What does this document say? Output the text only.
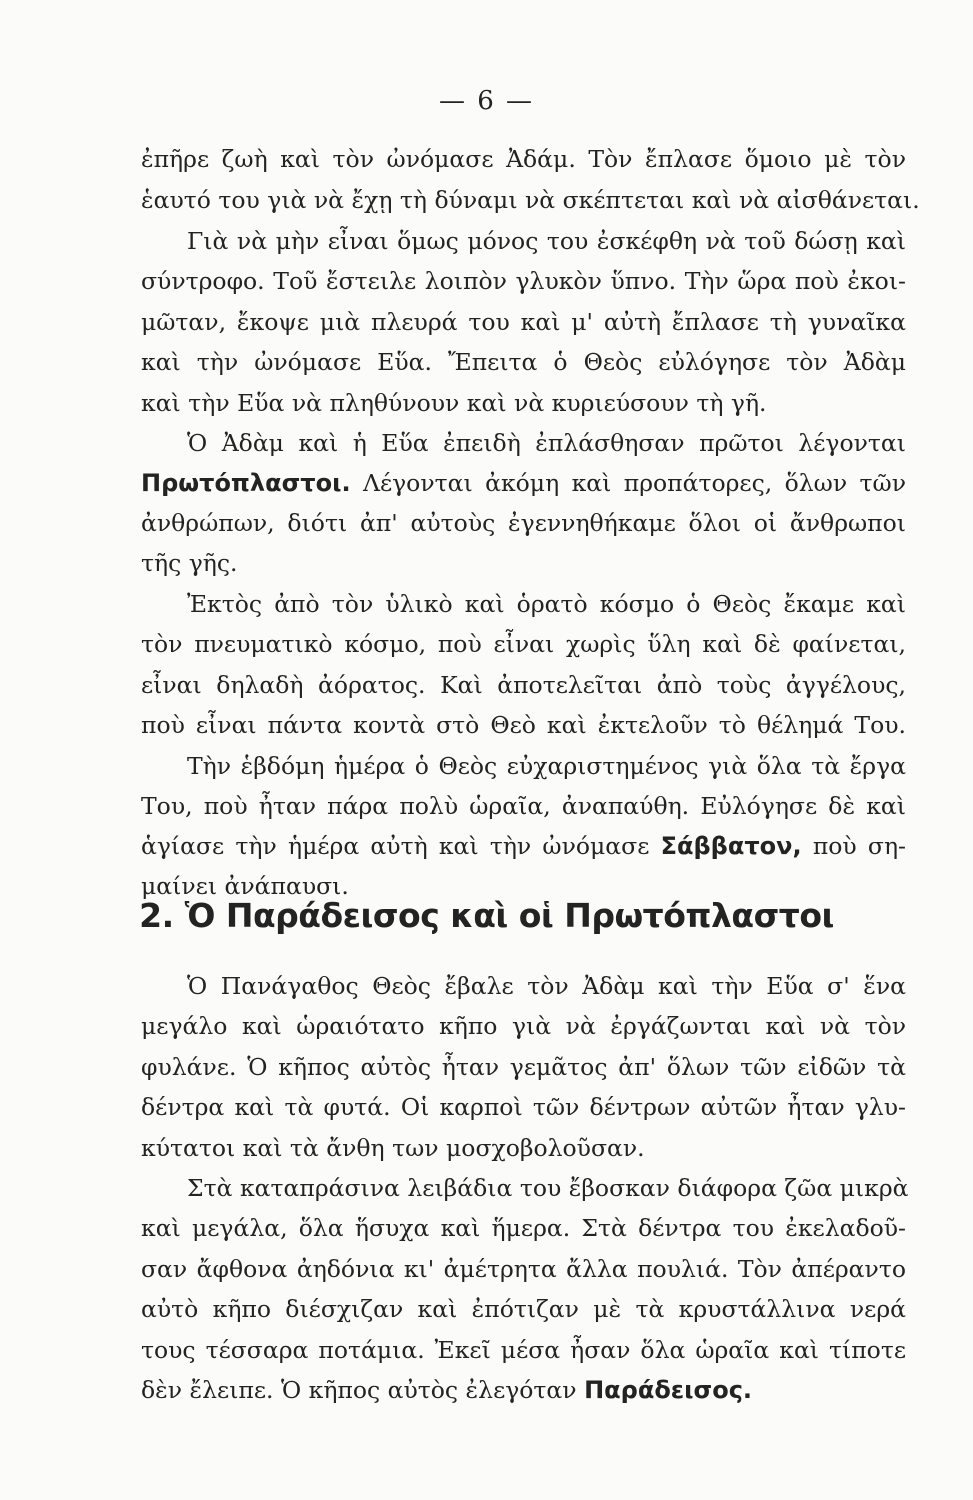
— 6 —
ἐπῆρε ζωὴ καὶ τὸν ὠνόμασε Ἀδάμ. Τὸν ἔπλασε ὅμοιο μὲ τὸν
ἑαυτό του γιὰ νὰ ἔχῃ τὴ δύναμι νὰ σκέπτεται καὶ νὰ αἰσθάνεται.
Γιὰ νὰ μὴν εἶναι ὅμως μόνος του ἐσκέφθη νὰ τοῦ δώσῃ καὶ
σύντροφο. Τοῦ ἔστειλε λοιπὸν γλυκὸν ὕπνο. Τὴν ὥρα ποὺ ἐκοι-
μῶταν, ἔκοψε μιὰ πλευρά του καὶ μ' αὐτὴ ἔπλασε τὴ γυναῖκα
καὶ τὴν ὠνόμασε Εὕα. Ἔπειτα ὁ Θεὸς εὐλόγησε τὸν Ἀδὰμ
καὶ τὴν Εὕα νὰ πληθύνουν καὶ νὰ κυριεύσουν τὴ γῆ.
Ὁ Ἀδὰμ καὶ ἡ Εὕα ἐπειδὴ ἐπλάσθησαν πρῶτοι λέγονται
Πρωτόπλαστοι. Λέγονται ἀκόμη καὶ προπάτορες, ὅλων τῶν
ἀνθρώπων, διότι ἀπ' αὐτοὺς ἐγεννηθήκαμε ὅλοι οἱ ἄνθρωποι
τῆς γῆς.
Ἐκτὸς ἀπὸ τὸν ὑλικὸ καὶ ὁρατὸ κόσμο ὁ Θεὸς ἔκαμε καὶ
τὸν πνευματικὸ κόσμο, ποὺ εἶναι χωρὶς ὕλη καὶ δὲ φαίνεται,
εἶναι δηλαδὴ ἀόρατος. Καὶ ἀποτελεῖται ἀπὸ τοὺς ἀγγέλους,
ποὺ εἶναι πάντα κοντὰ στὸ Θεὸ καὶ ἐκτελοῦν τὸ θέλημά Του.
Τὴν ἑβδόμη ἡμέρα ὁ Θεὸς εὐχαριστημένος γιὰ ὅλα τὰ ἔργα
Του, ποὺ ἦταν πάρα πολὺ ὡραῖα, ἀναπαύθη. Εὐλόγησε δὲ καὶ
ἁγίασε τὴν ἡμέρα αὐτὴ καὶ τὴν ὠνόμασε Σάββατον, ποὺ ση-
μαίνει ἀνάπαυσι.
2. Ὁ Παράδεισος καὶ οἱ Πρωτόπλαστοι
Ὁ Πανάγαθος Θεὸς ἔβαλε τὸν Ἀδὰμ καὶ τὴν Εὕα σ' ἕνα
μεγάλο καὶ ὡραιότατο κῆπο γιὰ νὰ ἐργάζωνται καὶ νὰ τὸν
φυλάνε. Ὁ κῆπος αὐτὸς ἦταν γεμᾶτος ἀπ' ὅλων τῶν εἰδῶν τὰ
δέντρα καὶ τὰ φυτά. Οἱ καρποὶ τῶν δέντρων αὐτῶν ἦταν γλυ-
κύτατοι καὶ τὰ ἄνθη των μοσχοβολοῦσαν.
Στὰ καταπράσινα λειβάδια του ἔβοσκαν διάφορα ζῶα μικρὰ
καὶ μεγάλα, ὅλα ἥσυχα καὶ ἥμερα. Στὰ δέντρα του ἐκελαδοῦ-
σαν ἄφθονα ἀηδόνια κι' ἀμέτρητα ἄλλα πουλιά. Τὸν ἀπέραντο
αὐτὸ κῆπο διέσχιζαν καὶ ἐπότιζαν μὲ τὰ κρυστάλλινα νερά
τους τέσσαρα ποτάμια. Ἐκεῖ μέσα ἦσαν ὅλα ὡραῖα καὶ τίποτε
δὲν ἔλειπε. Ὁ κῆπος αὐτὸς ἐλεγόταν Παράδεισος.
